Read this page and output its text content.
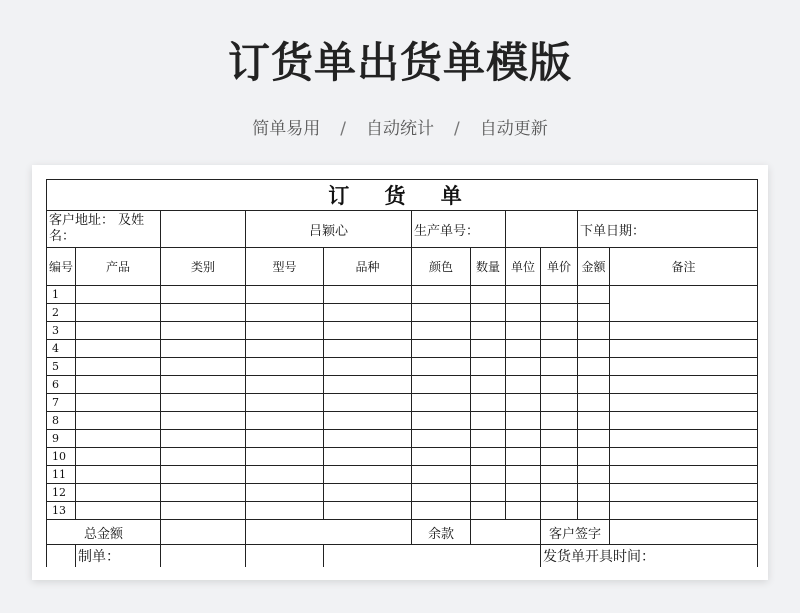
订货单出货单模版
简单易用 / 自动统计 / 自动更新
订 货 单										
客户地址： 及姓名：			吕颖心		生产单号：				下单日期：	
编号	产品	类别	型号	品种	颜色	数量	单位	单价	金额	备注
1										
2										
3										
4										
5										
6										
7										
8										
9										
10										
11										
12										
13										
总金额					余款			客户签字		
	制单：							发货单开具时间：		
